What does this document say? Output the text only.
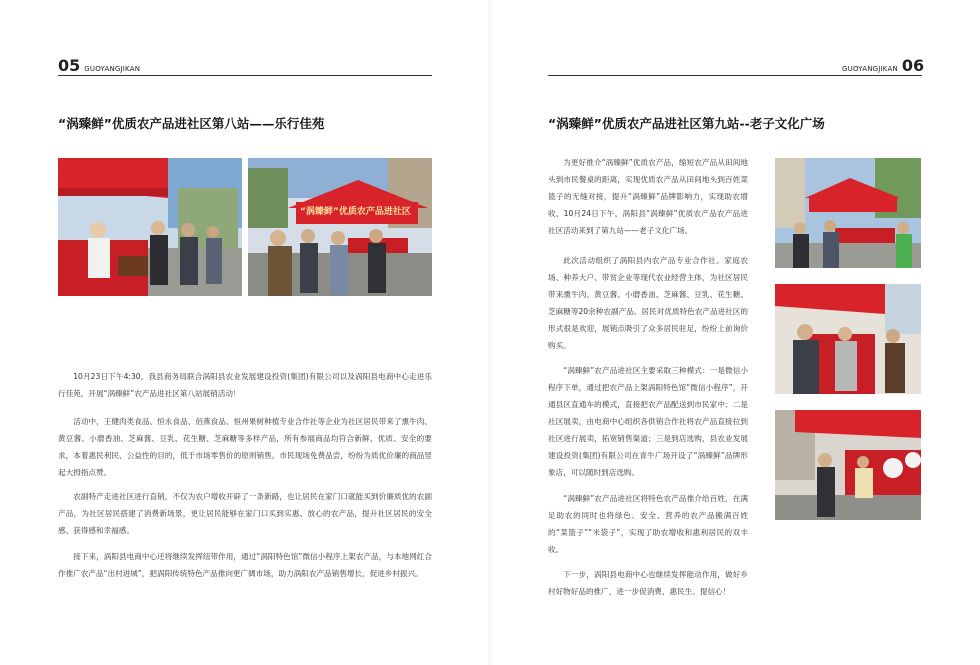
05 GUOYANGJIKAN
“涡臻鲜”优质农产品进社区第八站——乐行佳苑
“涡臻鲜”优质农产品进社区

10月23日下午4:30，我县商务局联合涡阳县农业发展建设投资(集团)有限公司以及涡阳县电商中心走进乐行佳苑，开展“涡臻鲜”农产品进社区第八站展销活动！

活动中，王健肉类食品、恒永食品、佰燕食品、恒州果树种植专业合作社等企业为社区居民带来了熏牛肉、黄豆酱、小磨香油、芝麻酱、豆乳、花生糖、芝麻糖等多样产品，所有参展商品均符合新鲜、优质、安全的要求，本着惠民利民、公益性的目的，低于市场零售价的原则销售。市民现场免费品尝，纷纷为质优价廉的商品竖起大拇指点赞。

农副特产走进社区进行直销，不仅为农户增收开辟了一条新路，也让居民在家门口就能买到价廉质优的农副产品，为社区居民搭建了消费新场景，更让居民能够在家门口买到实惠、放心的农产品，提升社区居民的安全感、获得感和幸福感。

接下来，涡阳县电商中心还将继续发挥纽带作用，通过“涡阳特色馆”微信小程序上架农产品，与本地网红合作推广农产品“出村进城”，把涡阳传统特色产品推向更广阔市场，助力涡阳农产品销售增长，促进乡村振兴。

GUOYANGJIKAN 06
“涡臻鲜”优质农产品进社区第九站--老子文化广场

为更好推介“涡臻鲜”优质农产品，缩短农产品从田间地头到市民餐桌的距离，实现优质农产品从田间地头到百姓菜篮子的无缝对接，提升“涡臻鲜”品牌影响力，实现助农增收，10月24日下午，涡阳县“涡臻鲜”优质农产品农产品进社区活动来到了第九站——老子文化广场。

此次活动组织了涡阳县内农产品专业合作社、家庭农场、种养大户、带贫企业等现代农业经营主体，为社区居民带来熏牛肉、黄豆酱、小磨香油、芝麻酱、豆乳、花生糖、芝麻糖等20余种农副产品。居民对优质特色农产品进社区的形式很是欢迎，展销点吸引了众多居民驻足，纷纷上前询价购买。

“涡臻鲜”农产品进社区主要采取三种模式：一是微信小程序下单，通过把农产品上架涡阳特色馆“微信小程序”，开通县区直通车的模式，直接把农产品配送到市民家中；二是社区展卖，由电商中心组织各供销合作社将农产品直接拉到社区进行展卖，拓宽销售渠道；三是到店选购，县农业发展建设投资(集团)有限公司在青牛广场开设了“涡臻鲜”品牌形象店，可以随时到店选购。

“涡臻鲜”农产品进社区将特色农产品推介给百姓，在满足助农的同时也将绿色、安全、营养的农产品搬满百姓的“菜篮子”“米袋子”，实现了助农增收和惠利居民的双丰收。

下一步，涡阳县电商中心也继续发挥能动作用，做好乡村好物好品的推广，进一步促消费、惠民生、提信心！
